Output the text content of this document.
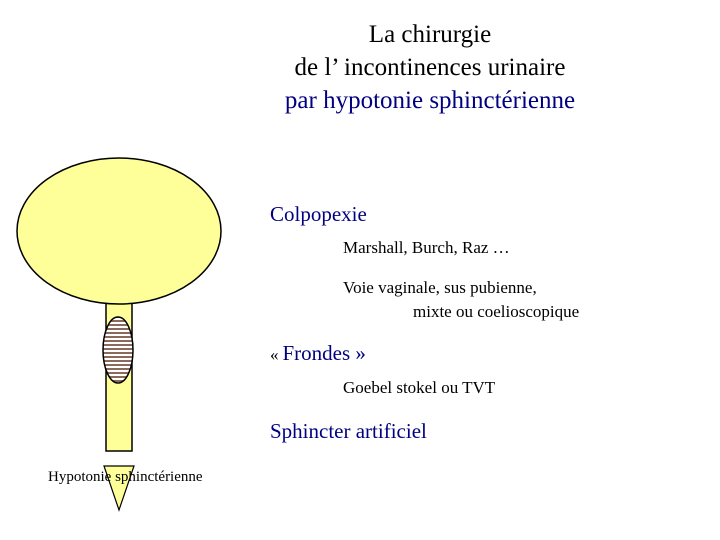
La chirurgie
de l’ incontinences urinaire
par hypotonie sphinctérienne
Hypotonie sphinctérienne
Colpopexie
Marshall, Burch, Raz …
Voie vaginale, sus pubienne,
mixte ou coelioscopique
« Frondes »
Goebel stokel ou TVT
Sphincter artificiel
